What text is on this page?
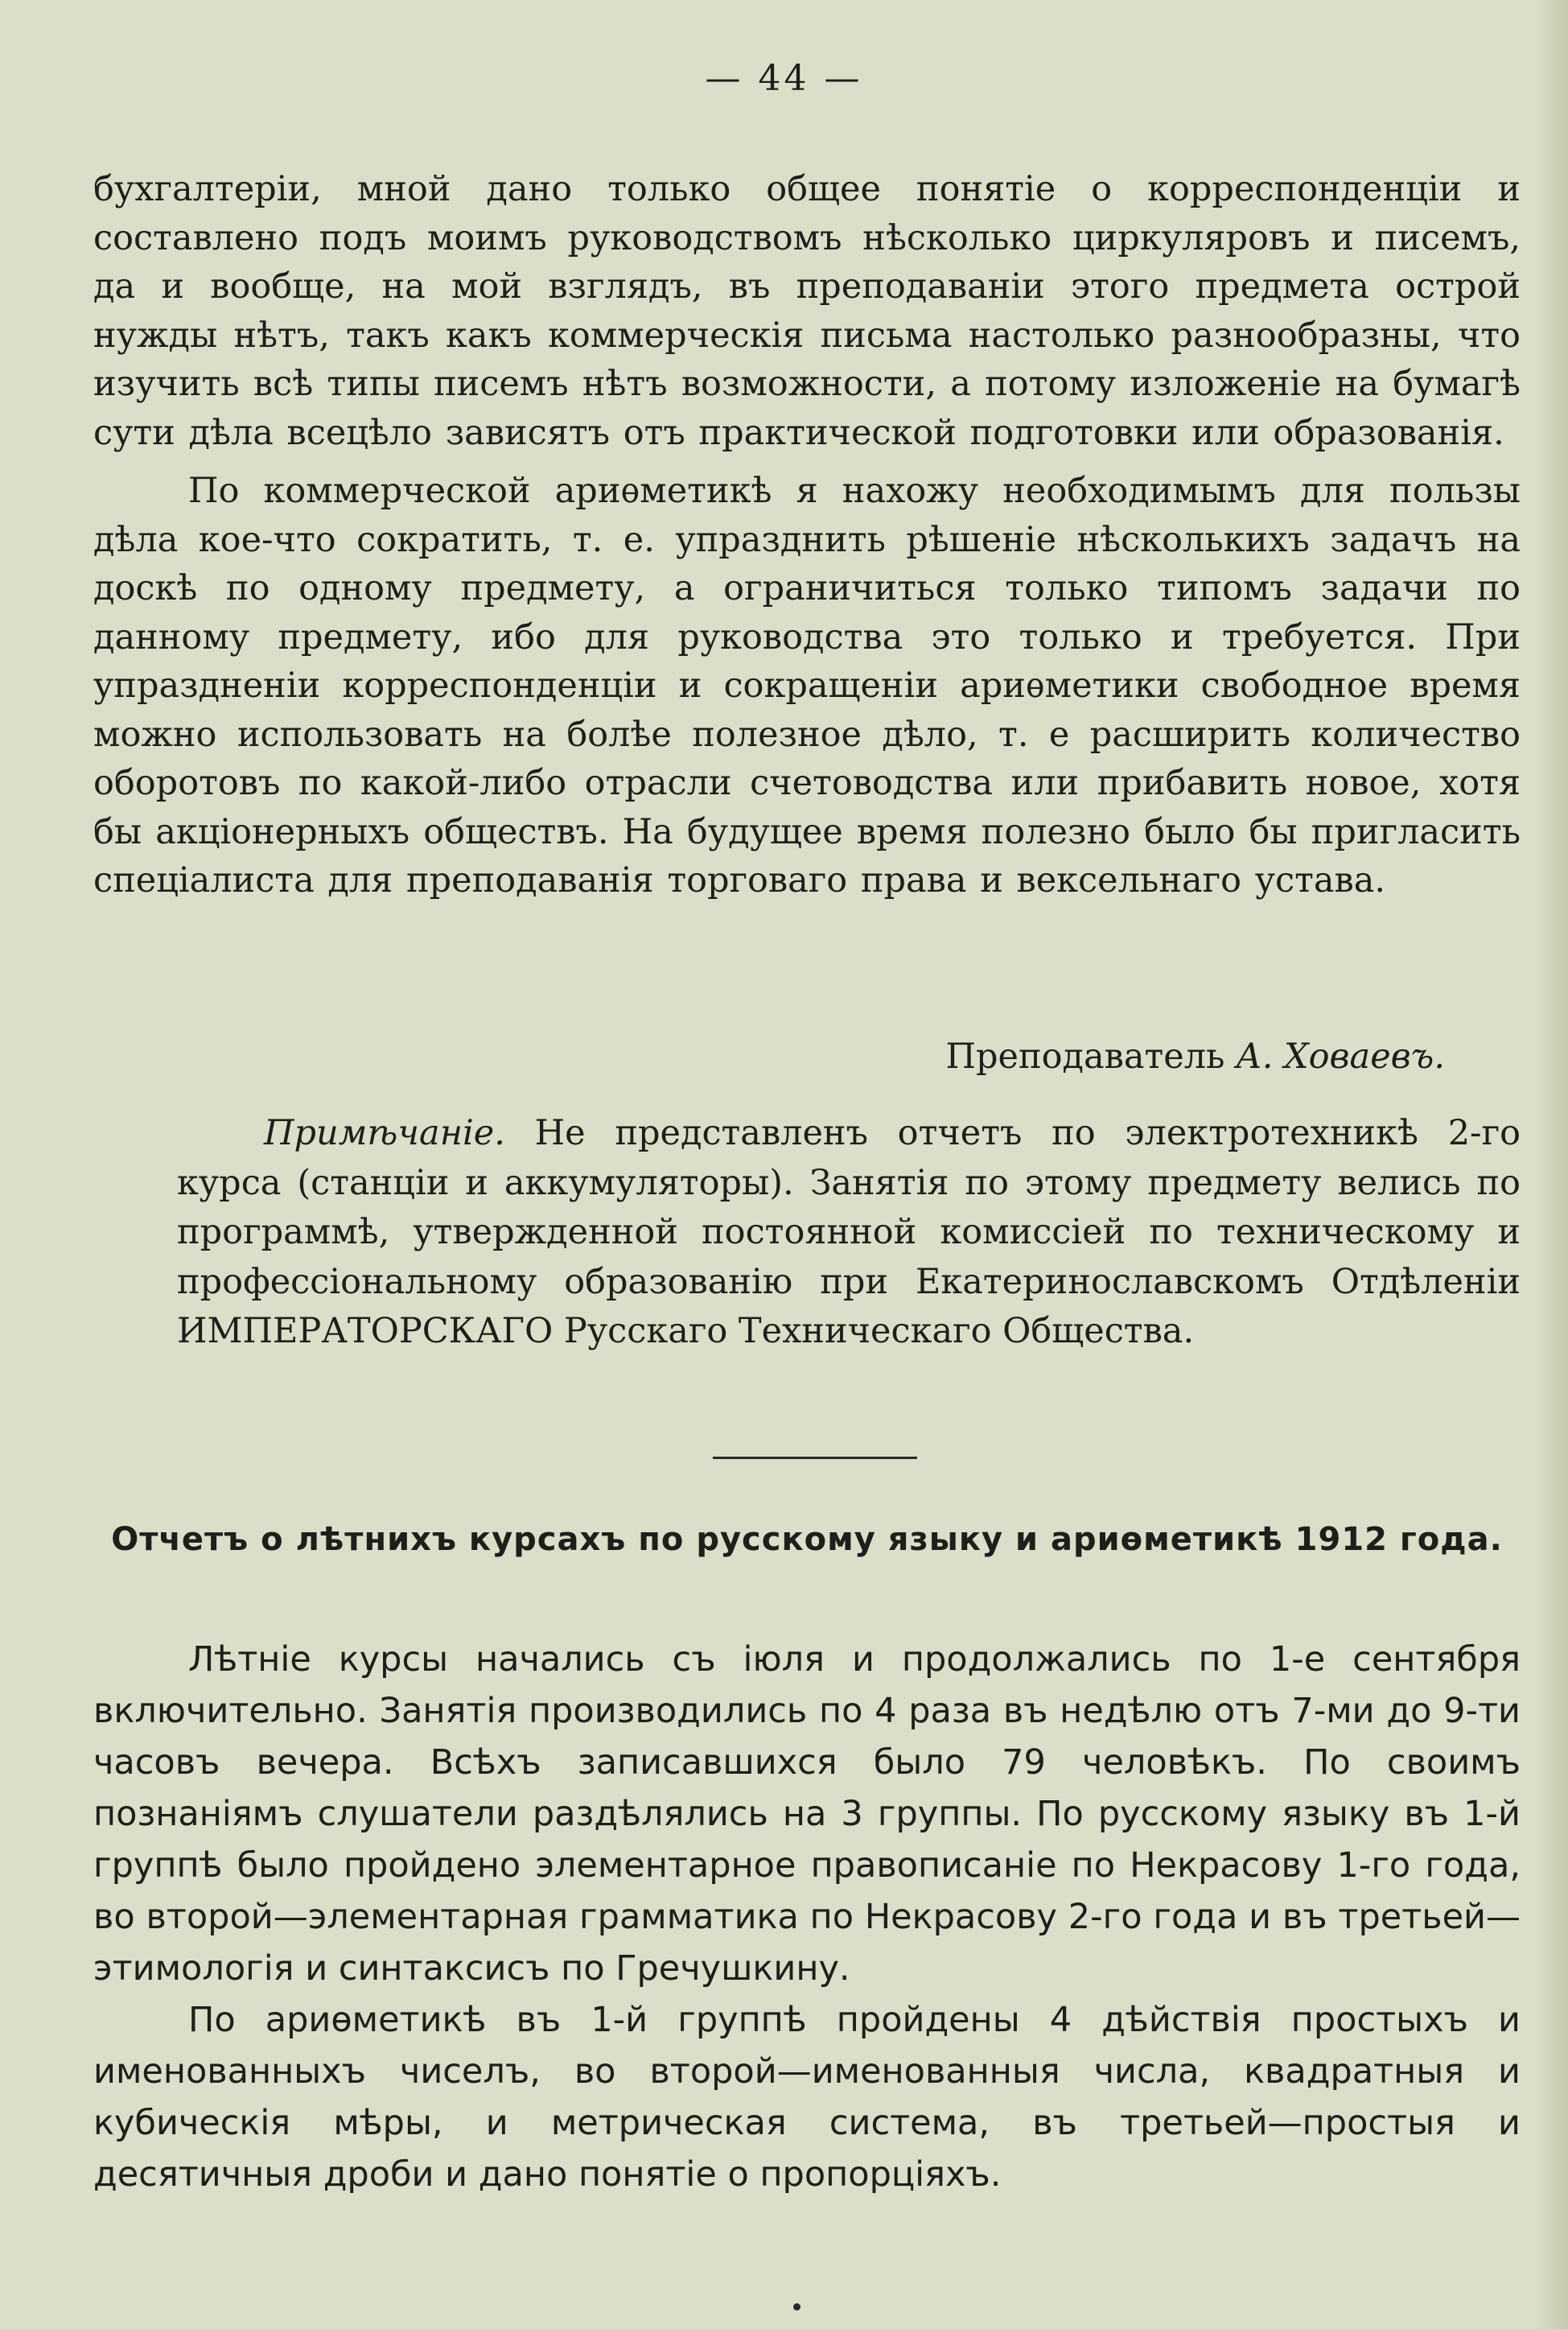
— 44 —

бухгалтеріи, мной дано только общее понятіе о корреспонденціи и составлено подъ моимъ руководствомъ нѣсколько циркуляровъ и писемъ, да и вообще, на мой взглядъ, въ преподаваніи этого предмета острой нужды нѣтъ, такъ какъ коммерческія письма настолько разнообразны, что изучить всѣ типы писемъ нѣтъ возможности, а потому изложеніе на бумагѣ сути дѣла всецѣло зависятъ отъ практической подготовки или образованія.

По коммерческой ариѳметикѣ я нахожу необходимымъ для пользы дѣла кое-что сократить, т. е. упразднить рѣшеніе нѣсколькихъ задачъ на доскѣ по одному предмету, а ограничиться только типомъ задачи по данному предмету, ибо для руководства это только и требуется. При упраздненіи корреспонденціи и сокращеніи ариѳметики свободное время можно использовать на болѣе полезное дѣло, т. е расширить количество оборотовъ по какой-либо отрасли счетоводства или прибавить новое, хотя бы акціонерныхъ обществъ. На будущее время полезно было бы пригласить спеціалиста для преподаванія торговаго права и вексельнаго устава.

Преподаватель А. Ховаевъ.

Примѣчаніе. Не представленъ отчетъ по электротехникѣ 2-го курса (станціи и аккумуляторы). Занятія по этому предмету велись по программѣ, утвержденной постоянной комиссіей по техническому и профессіональному образованію при Екатеринославскомъ Отдѣленіи ИМПЕРАТОРСКАГО Русскаго Техническаго Общества.

Отчетъ о лѣтнихъ курсахъ по русскому языку и ариѳметикѣ 1912 года.

Лѣтніе курсы начались съ іюля и продолжались по 1-е сентября включительно. Занятія производились по 4 раза въ недѣлю отъ 7-ми до 9-ти часовъ вечера. Всѣхъ записавшихся было 79 человѣкъ. По своимъ познаніямъ слушатели раздѣлялись на 3 группы. По русскому языку въ 1-й группѣ было пройдено элементарное правописаніе по Некрасову 1-го года, во второй—элементарная грамматика по Некрасову 2-го года и въ третьей—этимологія и синтаксисъ по Гречушкину.

По ариѳметикѣ въ 1-й группѣ пройдены 4 дѣйствія простыхъ и именованныхъ чиселъ, во второй—именованныя числа, квадратныя и кубическія мѣры, и метрическая система, въ третьей—простыя и десятичныя дроби и дано понятіе о пропорціяхъ.
